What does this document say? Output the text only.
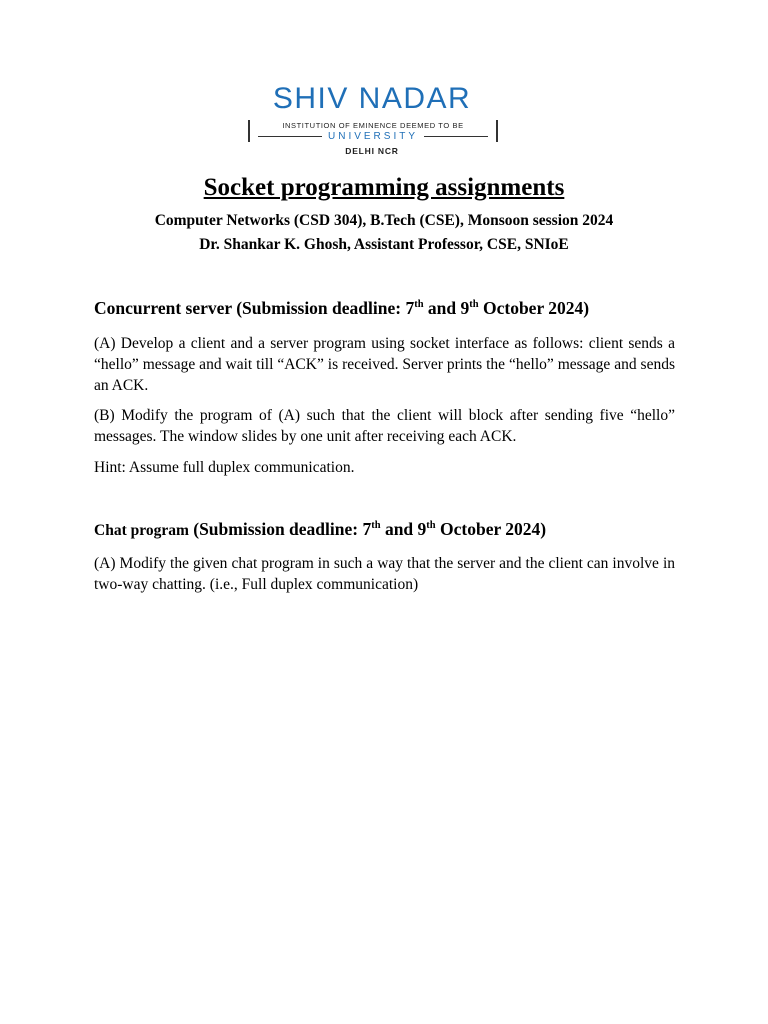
SHIV NADAR
INSTITUTION OF EMINENCE DEEMED TO BE
UNIVERSITY
DELHI NCR
Socket programming assignments

Computer Networks (CSD 304), B.Tech (CSE), Monsoon session 2024

Dr. Shankar K. Ghosh, Assistant Professor, CSE, SNIoE

Concurrent server (Submission deadline: 7th and 9th October 2024)

(A) Develop a client and a server program using socket interface as follows: client sends a “hello” message and wait till “ACK” is received. Server prints the “hello” message and sends an ACK.

(B) Modify the program of (A) such that the client will block after sending five “hello” messages. The window slides by one unit after receiving each ACK.

Hint: Assume full duplex communication.

Chat program (Submission deadline: 7th and 9th October 2024)

(A) Modify the given chat program in such a way that the server and the client can involve in two-way chatting. (i.e., Full duplex communication)
